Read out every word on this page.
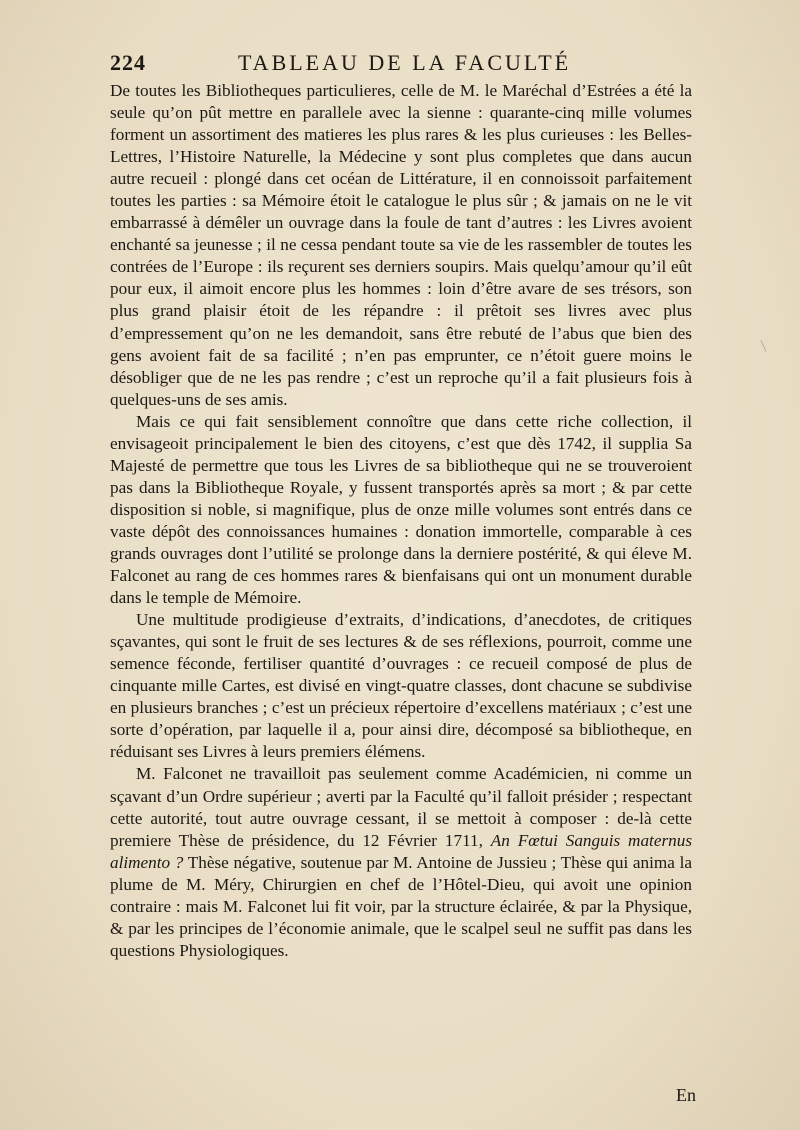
224	TABLEAU DE LA FACULTÉ

De toutes les Bibliotheques particulieres, celle de M. le Maréchal d’Estrées a été la seule qu’on pût mettre en parallele avec la sienne : quarante-cinq mille volumes forment un assortiment des matieres les plus rares & les plus curieuses : les Belles-Lettres, l’Histoire Naturelle, la Médecine y sont plus completes que dans aucun autre recueil : plongé dans cet océan de Littérature, il en connoissoit parfaitement toutes les parties : sa Mémoire étoit le catalogue le plus sûr ; & jamais on ne le vit embarrassé à démêler un ouvrage dans la foule de tant d’autres : les Livres avoient enchanté sa jeunesse ; il ne cessa pendant toute sa vie de les rassembler de toutes les contrées de l’Europe : ils reçurent ses derniers soupirs. Mais quelqu’amour qu’il eût pour eux, il aimoit encore plus les hommes : loin d’être avare de ses trésors, son plus grand plaisir étoit de les répandre : il prêtoit ses livres avec plus d’empressement qu’on ne les demandoit, sans être rebuté de l’abus que bien des gens avoient fait de sa facilité ; n’en pas emprunter, ce n’étoit guere moins le désobliger que de ne les pas rendre ; c’est un reproche qu’il a fait plusieurs fois à quelques-uns de ses amis.

Mais ce qui fait sensiblement connoître que dans cette riche collection, il envisageoit principalement le bien des citoyens, c’est que dès 1742, il supplia Sa Majesté de permettre que tous les Livres de sa bibliotheque qui ne se trouveroient pas dans la Bibliotheque Royale, y fussent transportés après sa mort ; & par cette disposition si noble, si magnifique, plus de onze mille volumes sont entrés dans ce vaste dépôt des connoissances humaines : donation immortelle, comparable à ces grands ouvrages dont l’utilité se prolonge dans la derniere postérité, & qui éleve M. Falconet au rang de ces hommes rares & bienfaisans qui ont un monument durable dans le temple de Mémoire.

Une multitude prodigieuse d’extraits, d’indications, d’anecdotes, de critiques sçavantes, qui sont le fruit de ses lectures & de ses réflexions, pourroit, comme une semence féconde, fertiliser quantité d’ouvrages : ce recueil composé de plus de cinquante mille Cartes, est divisé en vingt-quatre classes, dont chacune se subdivise en plusieurs branches ; c’est un précieux répertoire d’excellens matériaux ; c’est une sorte d’opération, par laquelle il a, pour ainsi dire, décomposé sa bibliotheque, en réduisant ses Livres à leurs premiers élémens.

M. Falconet ne travailloit pas seulement comme Académicien, ni comme un sçavant d’un Ordre supérieur ; averti par la Faculté qu’il falloit présider ; respectant cette autorité, tout autre ouvrage cessant, il se mettoit à composer : de-là cette premiere Thèse de présidence, du 12 Février 1711, An Fœtui Sanguis maternus alimento ? Thèse négative, soutenue par M. Antoine de Jussieu ; Thèse qui anima la plume de M. Méry, Chirurgien en chef de l’Hôtel-Dieu, qui avoit une opinion contraire : mais M. Falconet lui fit voir, par la structure éclairée, & par la Physique, & par les principes de l’économie animale, que le scalpel seul ne suffit pas dans les questions Physiologiques.

En
